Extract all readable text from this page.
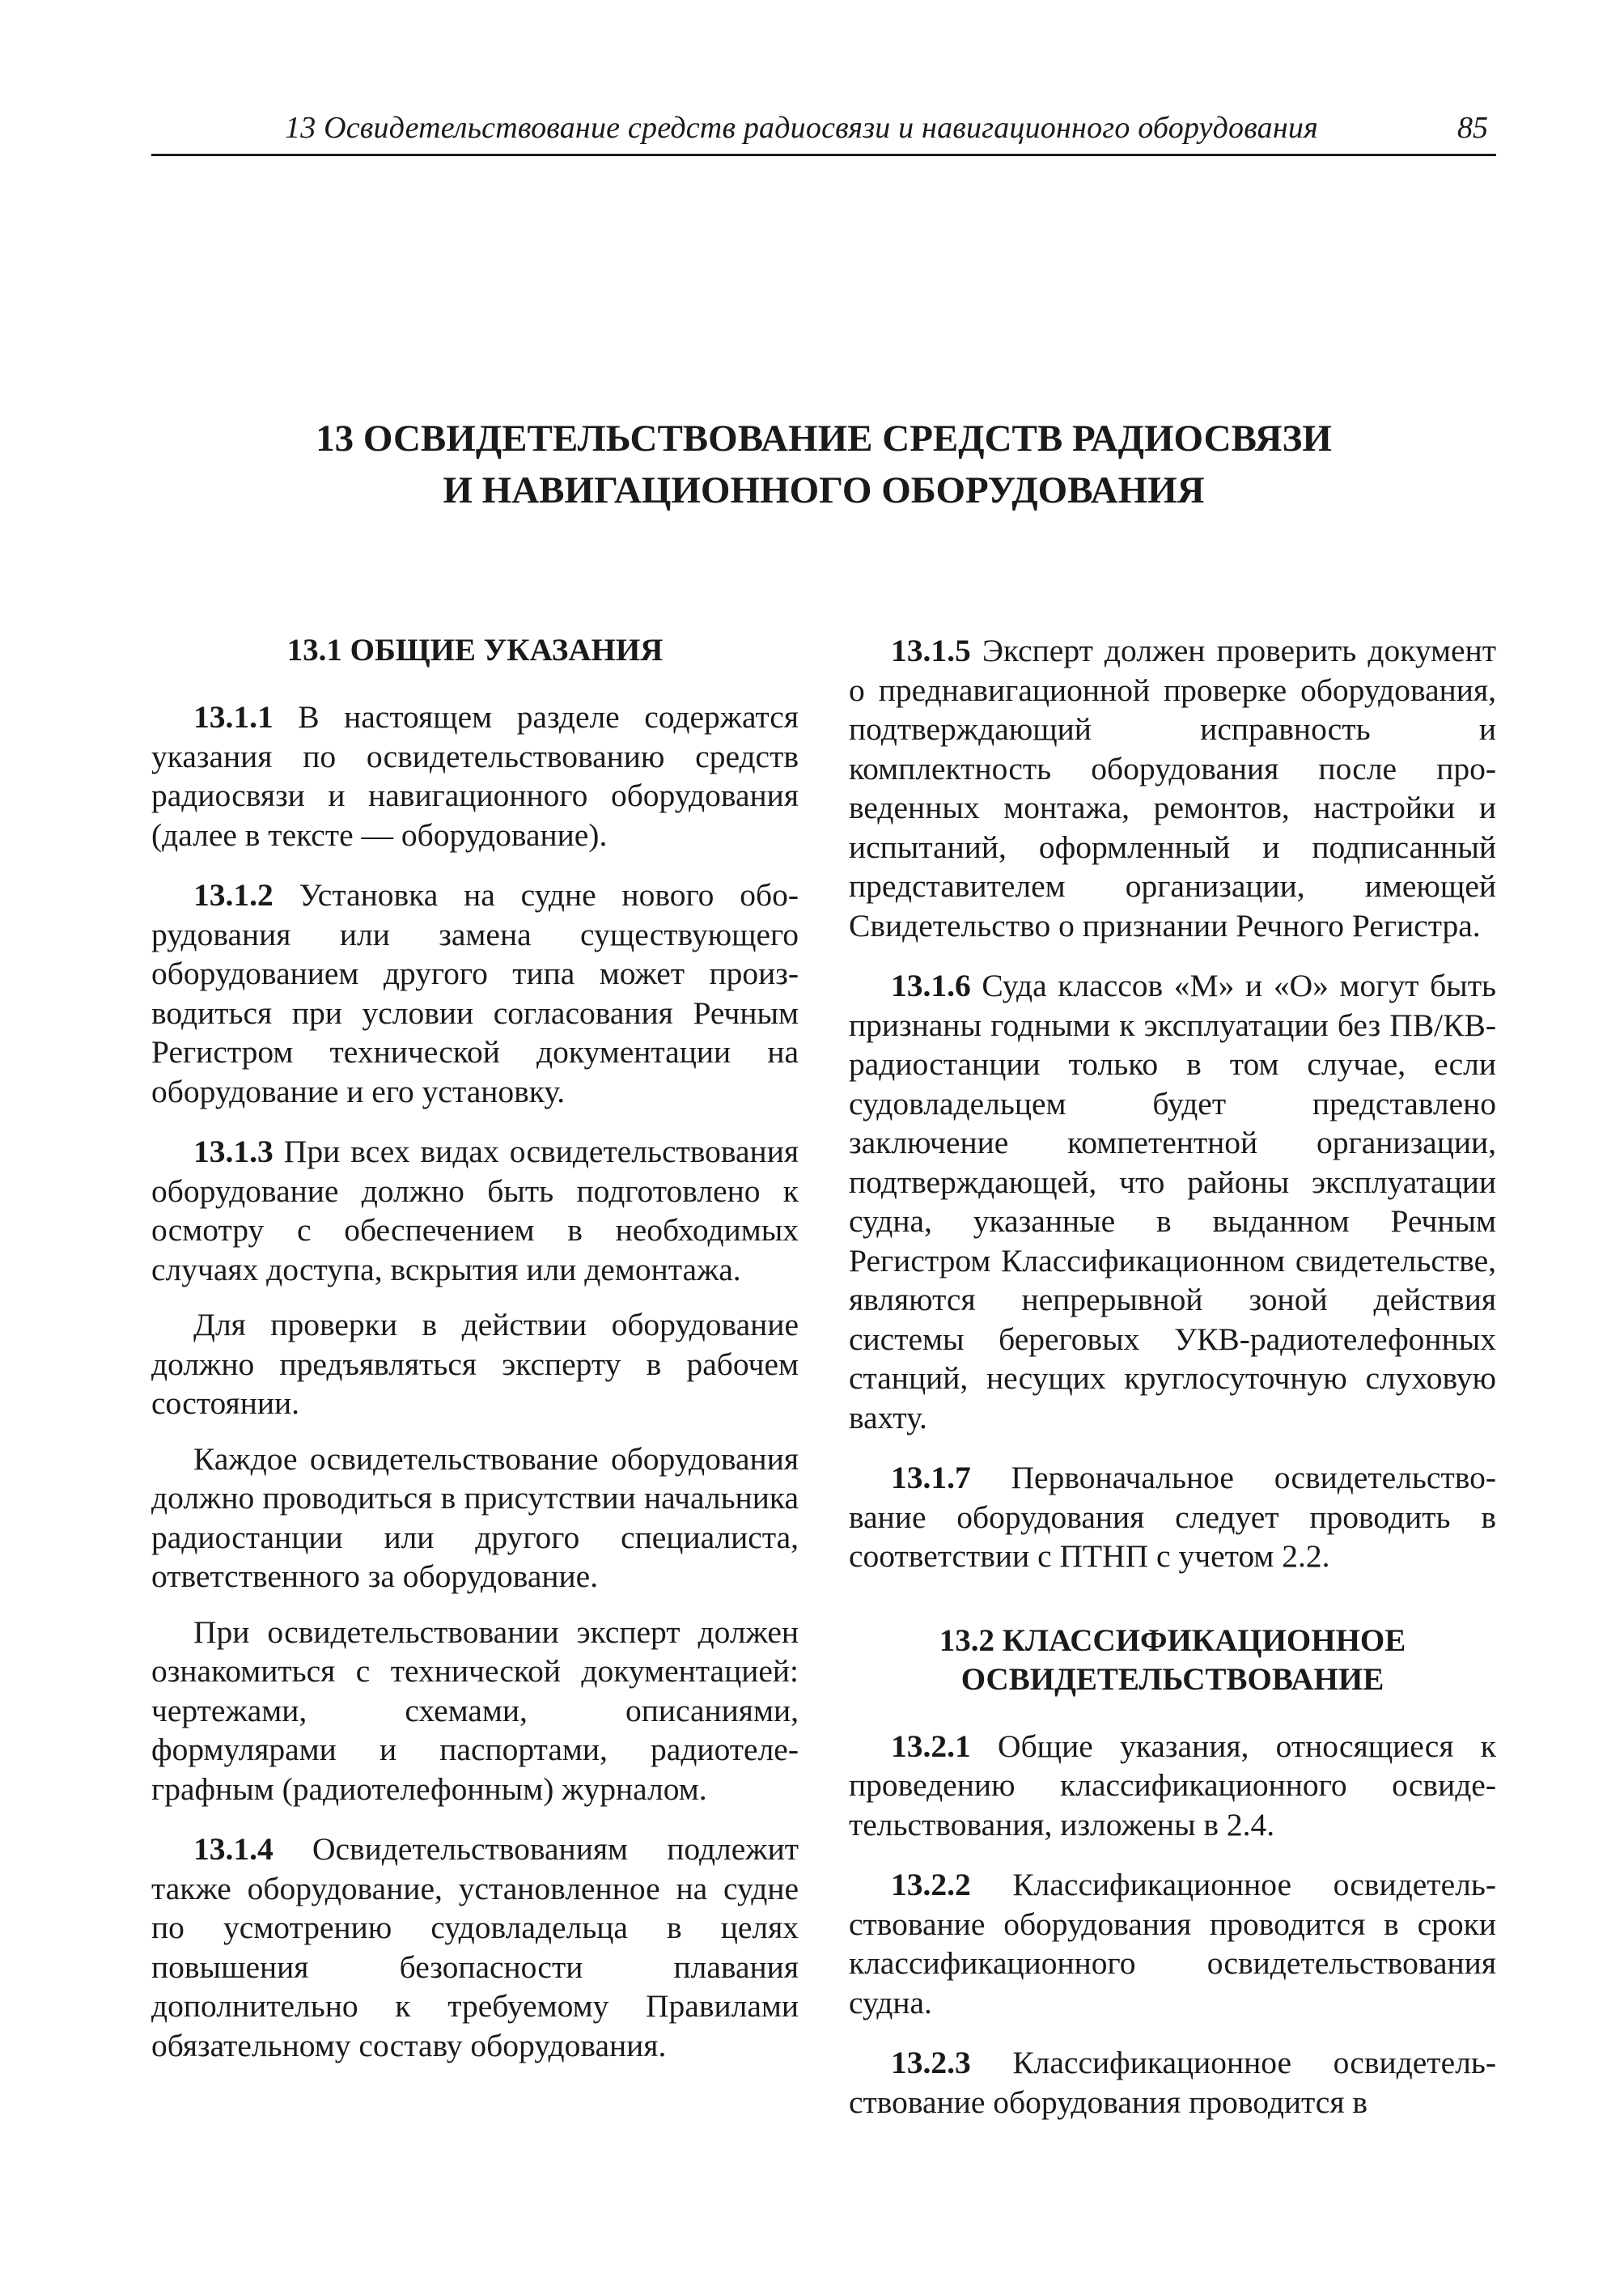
13 Освидетельствование средств радиосвязи и навигационного оборудования	85
13 ОСВИДЕТЕЛЬСТВОВАНИЕ СРЕДСТВ РАДИОСВЯЗИ
И НАВИГАЦИОННОГО ОБОРУДОВАНИЯ
13.1 ОБЩИЕ УКАЗАНИЯ

13.1.1 В настоящем разделе содержатся указания по освидетельствованию средств радиосвязи и навигационного оборудования (далее в тексте — оборудование).

13.1.2 Установка на судне нового оборудования или замена существующего оборудованием другого типа может производиться при условии согласования Речным Регистром технической документации на оборудование и его установку.

13.1.3 При всех видах освидетельствования оборудование должно быть подготовлено к осмотру с обеспечением в необходимых случаях доступа, вскрытия или демонтажа.

Для проверки в действии оборудование должно предъявляться эксперту в рабочем состоянии.

Каждое освидетельствование оборудования должно проводиться в присутствии начальника радиостанции или другого специалиста, ответственного за оборудование.

При освидетельствовании эксперт должен ознакомиться с технической документацией: чертежами, схемами, описаниями, формулярами и паспортами, радиотелеграфным (радиотелефонным) журналом.

13.1.4 Освидетельствованиям подлежит также оборудование, установленное на судне по усмотрению судовладельца в целях повышения безопасности плавания дополнительно к требуемому Правилами обязательному составу оборудования.

13.1.5 Эксперт должен проверить документ о преднавигационной проверке оборудования, подтверждающий исправность и комплектность оборудования после проведенных монтажа, ремонтов, настройки и испытаний, оформленный и подписанный представителем организации, имеющей Свидетельство о признании Речного Регистра.

13.1.6 Суда классов «М» и «О» могут быть признаны годными к эксплуатации без ПВ/КВ-радиостанции только в том случае, если судовладельцем будет представлено заключение компетентной организации, подтверждающей, что районы эксплуатации судна, указанные в выданном Речным Регистром Классификационном свидетельстве, являются непрерывной зоной действия системы береговых УКВ-радиотелефонных станций, несущих круглосуточную слуховую вахту.

13.1.7 Первоначальное освидетельствование оборудования следует проводить в соответствии с ПТНП с учетом 2.2.

13.2 КЛАССИФИКАЦИОННОЕ
ОСВИДЕТЕЛЬСТВОВАНИЕ

13.2.1 Общие указания, относящиеся к проведению классификационного освидетельствования, изложены в 2.4.

13.2.2 Классификационное освидетельствование оборудования проводится в сроки классификационного освидетельствования судна.

13.2.3 Классификационное освидетельствование оборудования проводится в
